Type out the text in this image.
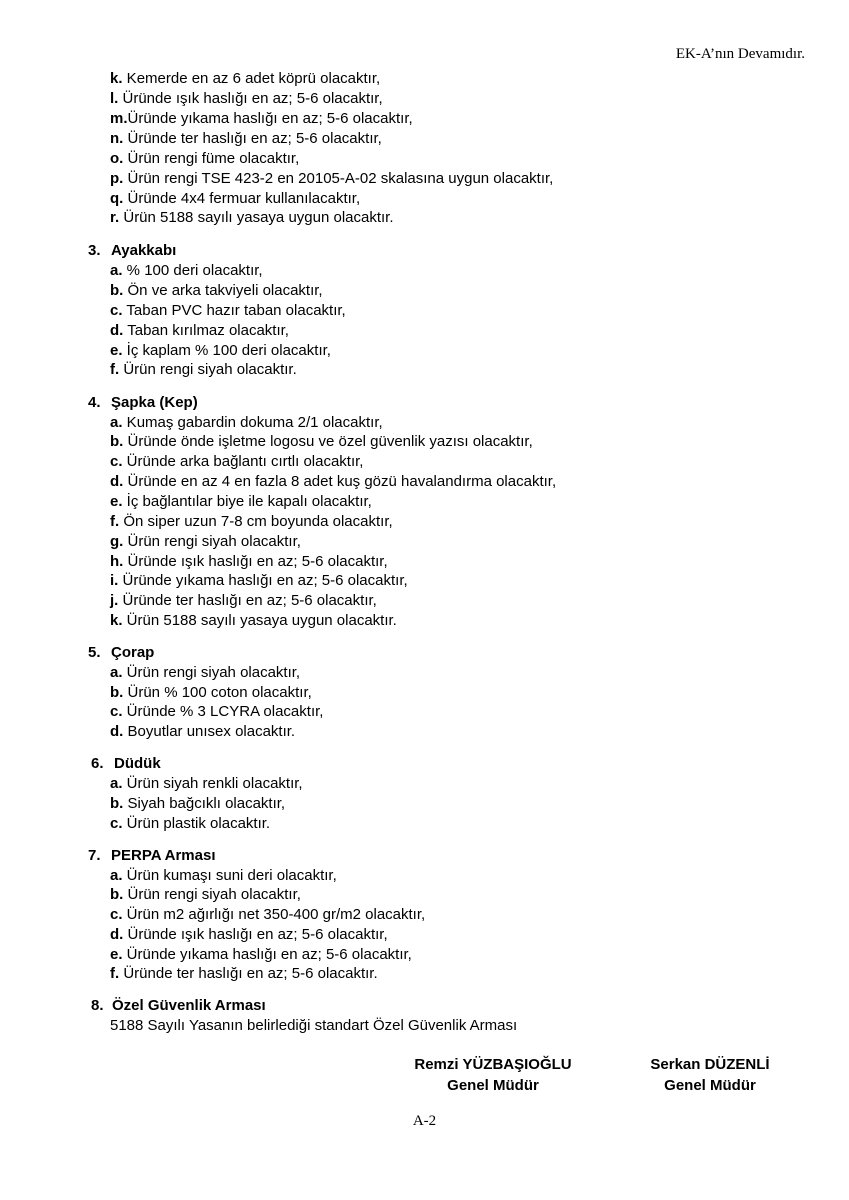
EK-A’nın Devamıdır.
k. Kemerde en az 6 adet köprü olacaktır,
l. Üründe ışık haslığı en az; 5-6 olacaktır,
m.Üründe yıkama haslığı en az; 5-6 olacaktır,
n. Üründe ter haslığı en az; 5-6 olacaktır,
o. Ürün rengi füme olacaktır,
p. Ürün rengi TSE 423-2 en 20105-A-02 skalasına uygun olacaktır,
q. Üründe 4x4 fermuar kullanılacaktır,
r. Ürün 5188 sayılı yasaya uygun olacaktır.
3. Ayakkabı
a. % 100 deri olacaktır,
b. Ön ve arka takviyeli olacaktır,
c. Taban PVC hazır taban olacaktır,
d. Taban kırılmaz olacaktır,
e. İç kaplam % 100 deri olacaktır,
f. Ürün rengi siyah olacaktır.
4. Şapka (Kep)
a. Kumaş gabardin dokuma 2/1 olacaktır,
b. Üründe önde işletme logosu ve özel güvenlik yazısı olacaktır,
c. Üründe arka bağlantı cırtlı olacaktır,
d. Üründe en az 4 en fazla 8 adet kuş gözü havalandırma olacaktır,
e. İç bağlantılar biye ile kapalı olacaktır,
f. Ön siper uzun 7-8 cm boyunda olacaktır,
g. Ürün rengi siyah olacaktır,
h. Üründe ışık haslığı en az; 5-6 olacaktır,
i. Üründe yıkama haslığı en az; 5-6 olacaktır,
j. Üründe ter haslığı en az; 5-6 olacaktır,
k. Ürün 5188 sayılı yasaya uygun olacaktır.
5. Çorap
a. Ürün rengi siyah olacaktır,
b. Ürün % 100 coton olacaktır,
c. Üründe % 3 LCYRA olacaktır,
d. Boyutlar unısex olacaktır.
6. Düdük
a. Ürün siyah renkli olacaktır,
b. Siyah bağcıklı olacaktır,
c. Ürün plastik olacaktır.
7. PERPA Arması
a. Ürün kumaşı suni deri olacaktır,
b. Ürün rengi siyah olacaktır,
c. Ürün m2 ağırlığı net 350-400 gr/m2 olacaktır,
d. Üründe ışık haslığı en az; 5-6 olacaktır,
e. Üründe yıkama haslığı en az; 5-6 olacaktır,
f. Üründe ter haslığı en az; 5-6 olacaktır.
8. Özel Güvenlik Arması
5188 Sayılı Yasanın belirlediği standart Özel Güvenlik Arması
Remzi YÜZBAŞIOĞLU
Genel Müdür
Serkan DÜZENLİ
Genel Müdür
A-2
